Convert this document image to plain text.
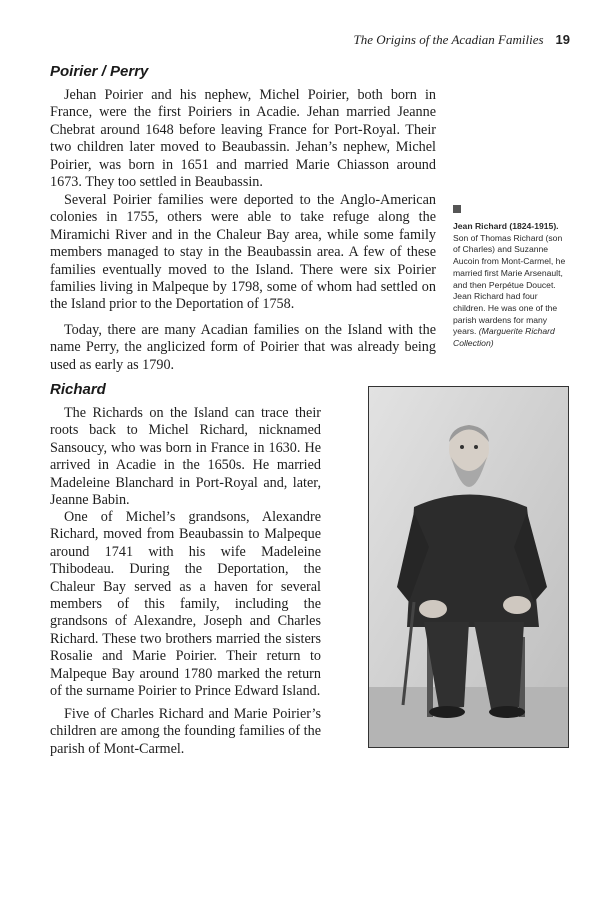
The Origins of the Acadian Families 19
Poirier / Perry

Jehan Poirier and his nephew, Michel Poirier, both born in France, were the first Poiriers in Acadie. Jehan married Jeanne Chebrat around 1648 before leaving France for Port-Royal. Their two children later moved to Beaubassin. Jehan’s nephew, Michel Poirier, was born in 1651 and married Marie Chiasson around 1673. They too settled in Beaubassin.

Several Poirier families were deported to the Anglo-American colonies in 1755, others were able to take refuge along the Miramichi River and in the Chaleur Bay area, while some family members managed to stay in the Beaubassin area. A few of these families eventually moved to the Island. There were six Poirier families living in Malpeque by 1798, some of whom had settled on the Island prior to the Deportation of 1758.

Today, there are many Acadian families on the Island with the name Perry, the anglicized form of Poirier that was already being used as early as 1790.

Richard

The Richards on the Island can trace their roots back to Michel Richard, nicknamed Sansoucy, who was born in France in 1630. He arrived in Acadie in the 1650s. He married Madeleine Blanchard in Port-Royal and, later, Jeanne Babin.

One of Michel’s grandsons, Alexandre Richard, moved from Beaubassin to Malpeque around 1741 with his wife Madeleine Thibodeau. During the Deportation, the Chaleur Bay served as a haven for several members of this family, including the grandsons of Alexandre, Joseph and Charles Richard. These two brothers married the sisters Rosalie and Marie Poirier. Their return to Malpeque Bay around 1780 marked the return of the surname Poirier to Prince Edward Island.

Five of Charles Richard and Marie Poirier’s children are among the founding families of the parish of Mont-Carmel.

Jean Richard (1824-1915). Son of Thomas Richard (son of Charles) and Suzanne Aucoin from Mont-Carmel, he married first Marie Arsenault, and then Perpétue Doucet. Jean Richard had four children. He was one of the parish wardens for many years. (Marguerite Richard Collection)
